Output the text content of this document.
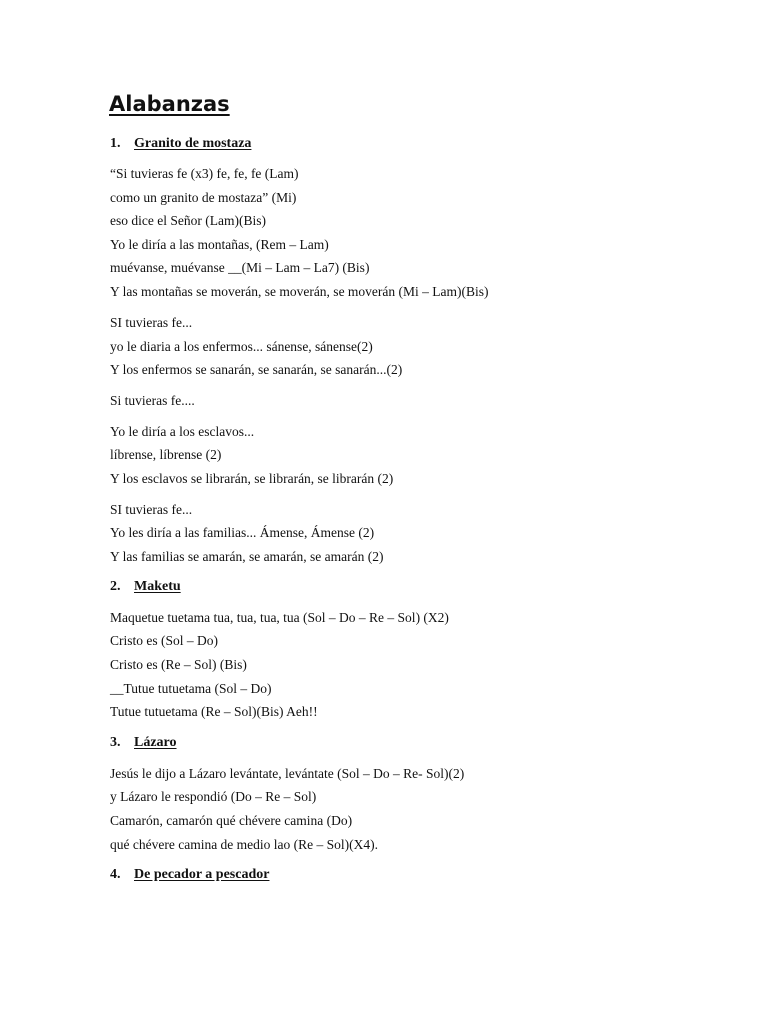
Alabanzas
1. Granito de mostaza

“Si tuvieras fe (x3) fe, fe, fe (Lam)

como un granito de mostaza” (Mi)

eso dice el Señor (Lam)(Bis)

Yo le diría a las montañas, (Rem – Lam)

muévanse, muévanse __(Mi – Lam – La7) (Bis)

Y las montañas se moverán, se moverán, se moverán (Mi – Lam)(Bis)

SI tuvieras fe...

yo le diaria a los enfermos... sánense, sánense(2)

Y los enfermos se sanarán, se sanarán, se sanarán...(2)

Si tuvieras fe....

Yo le diría a los esclavos...

líbrense, líbrense (2)

Y los esclavos se librarán, se librarán, se librarán (2)

SI tuvieras fe...

Yo les diría a las familias... Ámense, Ámense (2)

Y las familias se amarán, se amarán, se amarán (2)

2. Maketu

Maquetue tuetama tua, tua, tua, tua (Sol – Do – Re – Sol) (X2)

Cristo es (Sol – Do)

Cristo es (Re – Sol) (Bis)

__Tutue tutuetama (Sol – Do)

Tutue tutuetama (Re – Sol)(Bis) Aeh!!

3. Lázaro

Jesús le dijo a Lázaro levántate, levántate (Sol – Do – Re- Sol)(2)

y Lázaro le respondió (Do – Re – Sol)

Camarón, camarón qué chévere camina (Do)

qué chévere camina de medio lao (Re – Sol)(X4).

4. De pecador a pescador
